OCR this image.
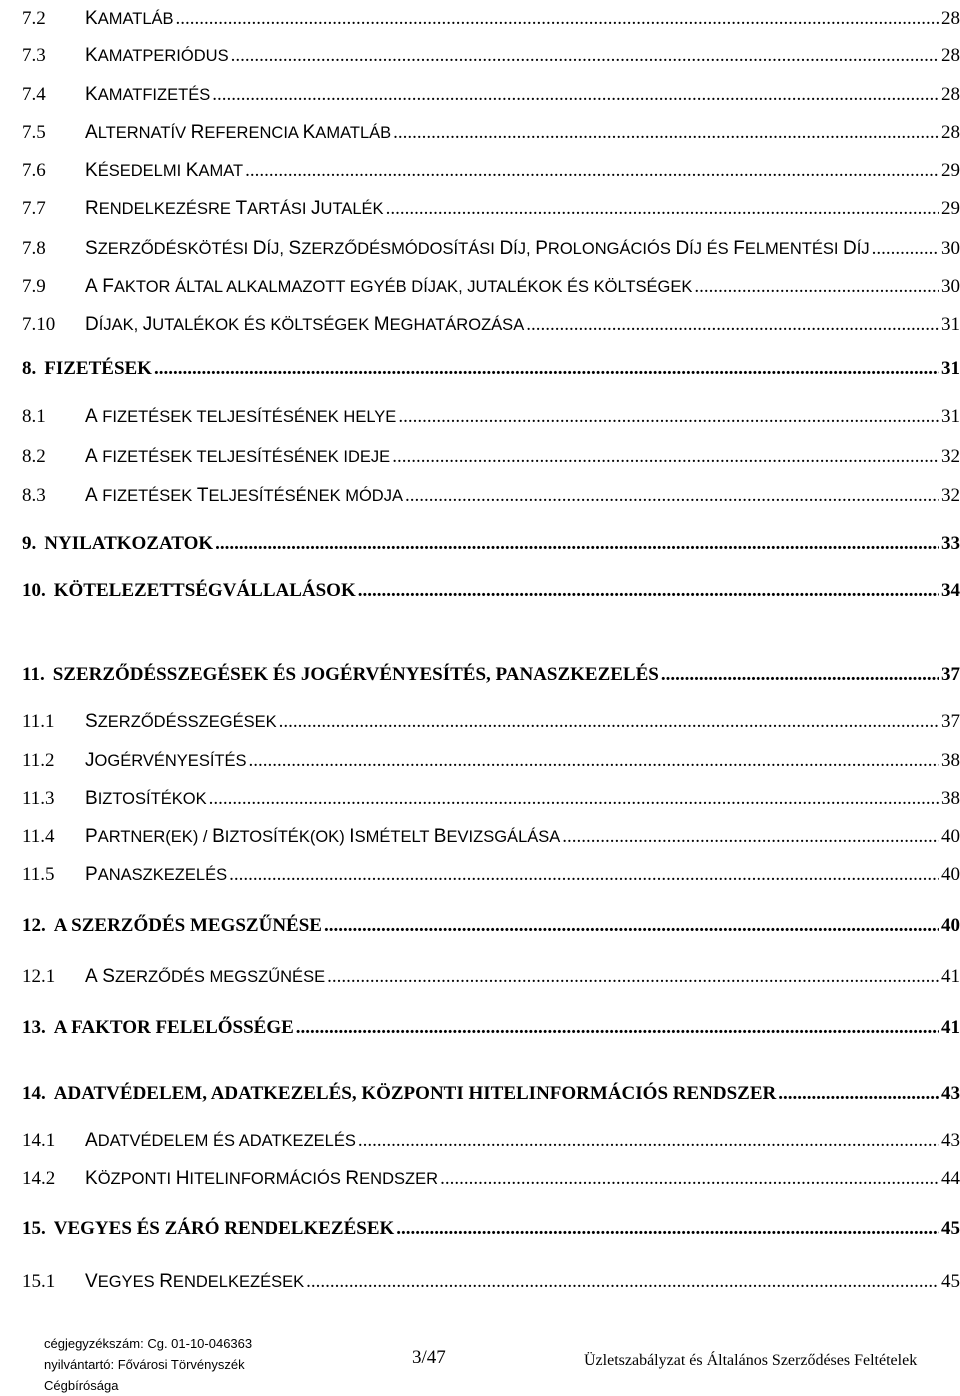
7.2	KAMATLÁB .....	28
7.3	KAMATPERIÓDUS .....	28
7.4	KAMATFIZETÉS .....	28
7.5	ALTERNATÍV REFERENCIA KAMATLÁB .....	28
7.6	KÉSEDELMI KAMAT .....	29
7.7	RENDELKEZÉSRE TARTÁSI JUTALÉK .....	29
7.8	SZERZŐDÉSKÖTÉSI DÍJ, SZERZŐDÉSMÓDOSÍTÁSI DÍJ, PROLONGÁCIÓS DÍJ ÉS FELMENTÉSI DÍJ .....	30
7.9	A FAKTOR ÁLTAL ALKALMAZOTT EGYÉB DÍJAK, JUTALÉKOK ÉS KÖLTSÉGEK .....	30
7.10	DÍJAK, JUTALÉKOK ÉS KÖLTSÉGEK MEGHATÁROZÁSA .....	31
8. FIZETÉSEK .....	31
8.1	A FIZETÉSEK TELJESÍTÉSÉNEK HELYE .....	31
8.2	A FIZETÉSEK TELJESÍTÉSÉNEK IDEJE .....	32
8.3	A FIZETÉSEK TELJESÍTÉSÉNEK MÓDJA .....	32
9. NYILATKOZATOK .....	33
10. KÖTELEZETTSÉGVÁLLALÁSOK .....	34
11. SZERZŐDÉSSZEGÉSEK ÉS JOGÉRVÉNYESÍTÉS, PANASZKEZELÉS .....	37
11.1	SZERZŐDÉSSZEGÉSEK .....	37
11.2	JOGÉRVÉNYESÍTÉS .....	38
11.3	BIZTOSÍTÉKOK .....	38
11.4	PARTNER(EK) / BIZTOSÍTÉK(OK) ISMÉTELT BEVIZSGÁLÁSA .....	40
11.5	PANASZKEZELÉS .....	40
12. A SZERZŐDÉS MEGSZŰNÉSE .....	40
12.1	A SZERZŐDÉS MEGSZŰNÉSE .....	41
13. A FAKTOR FELELŐSSÉGE .....	41
14. ADATVÉDELEM, ADATKEZELÉS, KÖZPONTI HITELINFORMÁCIÓS RENDSZER .....	43
14.1	ADATVÉDELEM ÉS ADATKEZELÉS .....	43
14.2	KÖZPONTI HITELINFORMÁCIÓS RENDSZER .....	44
15. VEGYES ÉS ZÁRÓ RENDELKEZÉSEK .....	45
15.1	VEGYES RENDELKEZÉSEK .....	45
cégjegyzékszám: Cg. 01-10-046363
nyilvántartó: Fővárosi Törvényszék
Cégbírósága
3/47	Üzletszabályzat és Általános Szerződéses Feltételek
